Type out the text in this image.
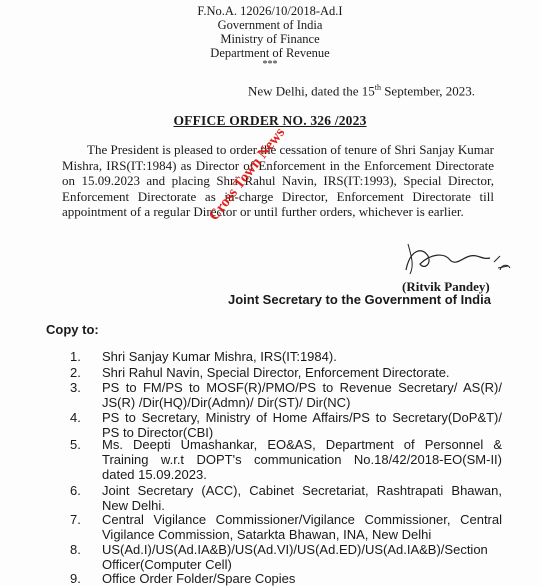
F.No.A. 12026/10/2018-Ad.I
Government of India
Ministry of Finance
Department of Revenue
***
New Delhi, dated the 15th September, 2023.
OFFICE ORDER NO. 326 /2023
The President is pleased to order the cessation of tenure of Shri Sanjay Kumar Mishra, IRS(IT:1984) as Director of Enforcement in the Enforcement Directorate on 15.09.2023 and placing Shri Rahul Navin, IRS(IT:1993), Special Director, Enforcement Directorate as in-charge Director, Enforcement Directorate till appointment of a regular Director or until further orders, whichever is earlier.
Cross Town News
(Ritvik Pandey)
Joint Secretary to the Government of India
Copy to:
1. Shri Sanjay Kumar Mishra, IRS(IT:1984).
2. Shri Rahul Navin, Special Director, Enforcement Directorate.
3. PS to FM/PS to MOSF(R)/PMO/PS to Revenue Secretary/ AS(R)/ JS(R) /Dir(HQ)/Dir(Admn)/ Dir(ST)/ Dir(NC)
4. PS to Secretary, Ministry of Home Affairs/PS to Secretary(DoP&T)/ PS to Director(CBI)
5. Ms. Deepti Umashankar, EO&AS, Department of Personnel & Training w.r.t DOPT's communication No.18/42/2018-EO(SM-II) dated 15.09.2023.
6. Joint Secretary (ACC), Cabinet Secretariat, Rashtrapati Bhawan, New Delhi.
7. Central Vigilance Commissioner/Vigilance Commissioner, Central Vigilance Commission, Satarkta Bhawan, INA, New Delhi
8. US(Ad.I)/US(Ad.IA&B)/US(Ad.VI)/US(Ad.ED)/US(Ad.IA&B)/Section Officer(Computer Cell)
9. Office Order Folder/Spare Copies
